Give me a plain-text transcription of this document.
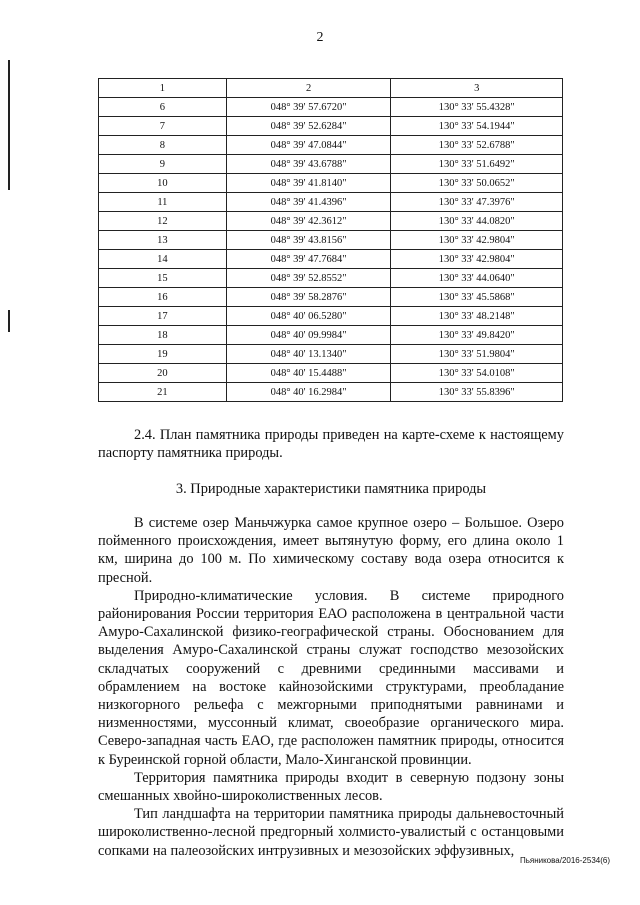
2
1	2	3
6	048° 39' 57.6720"	130° 33' 55.4328"
7	048° 39' 52.6284"	130° 33' 54.1944"
8	048° 39' 47.0844"	130° 33' 52.6788"
9	048° 39' 43.6788"	130° 33' 51.6492"
10	048° 39' 41.8140"	130° 33' 50.0652"
11	048° 39' 41.4396"	130° 33' 47.3976"
12	048° 39' 42.3612"	130° 33' 44.0820"
13	048° 39' 43.8156"	130° 33' 42.9804"
14	048° 39' 47.7684"	130° 33' 42.9804"
15	048° 39' 52.8552"	130° 33' 44.0640"
16	048° 39' 58.2876"	130° 33' 45.5868"
17	048° 40' 06.5280"	130° 33' 48.2148"
18	048° 40' 09.9984"	130° 33' 49.8420"
19	048° 40' 13.1340"	130° 33' 51.9804"
20	048° 40' 15.4488"	130° 33' 54.0108"
21	048° 40' 16.2984"	130° 33' 55.8396"

2.4. План памятника природы приведен на карте-схеме к настоящему паспорту памятника природы.

3. Природные характеристики памятника природы

В системе озер Маньчжурка самое крупное озеро – Большое. Озеро пойменного происхождения, имеет вытянутую форму, его длина около 1 км, ширина до 100 м. По химическому составу вода озера относится к пресной.

Природно-климатические условия. В системе природного районирования России территория ЕАО расположена в центральной части Амуро-Сахалинской физико-географической страны. Обоснованием для выделения Амуро-Сахалинской страны служат господство мезозойских складчатых сооружений с древними срединными массивами и обрамлением на востоке кайнозойскими структурами, преобладание низкогорного рельефа с межгорными приподнятыми равнинами и низменностями, муссонный климат, своеобразие органического мира. Северо-западная часть ЕАО, где расположен памятник природы, относится к Буреинской горной области, Мало-Хинганской провинции.

Территория памятника природы входит в северную подзону зоны смешанных хвойно-широколиственных лесов.

Тип ландшафта на территории памятника природы дальневосточный широколиственно-лесной предгорный холмисто-увалистый с останцовыми сопками на палеозойских интрузивных и мезозойских эффузивных,

Пьяникова/2016-2534(6)
